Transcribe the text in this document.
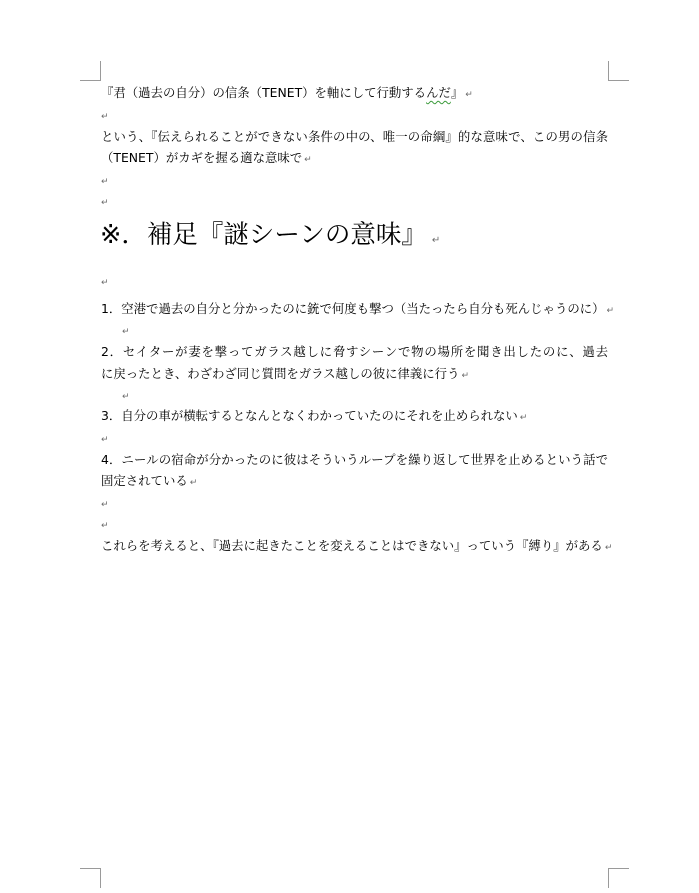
『君（過去の自分）の信条（TENET）を軸にして行動するんだ』 ↵
↵
という、『伝えられることができない条件の中の、唯一の命綱』的な意味で、この男の信条
（TENET）がカギを握る適な意味で ↵
↵
↵
※．補足『謎シーンの意味』 ↵
↵
1．空港で過去の自分と分かったのに銃で何度も撃つ（当たったら自分も死んじゃうのに） ↵
↵
2．セイターが妻を撃ってガラス越しに脅すシーンで物の場所を聞き出したのに、過去
に戻ったとき、わざわざ同じ質問をガラス越しの彼に律義に行う ↵
↵
3．自分の車が横転するとなんとなくわかっていたのにそれを止められない ↵
↵
4．ニールの宿命が分かったのに彼はそういうループを繰り返して世界を止めるという話で
固定されている ↵
↵
↵
これらを考えると、『過去に起きたことを変えることはできない』っていう『縛り』がある ↵
